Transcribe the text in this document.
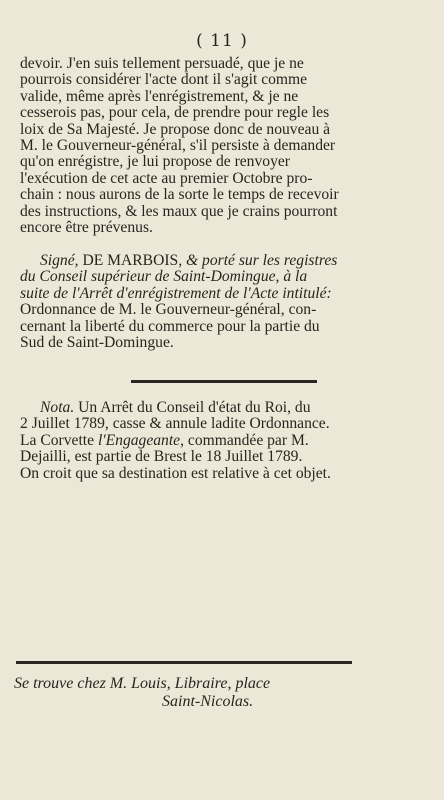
( 11 )
devoir. J'en suis tellement persuadé, que je ne
pourrois considérer l'acte dont il s'agit comme
valide, même après l'enrégistrement, & je ne
cesserois pas, pour cela, de prendre pour regle les
loix de Sa Majesté. Je propose donc de nouveau à
M. le Gouverneur-général, s'il persiste à demander
qu'on enrégistre, je lui propose de renvoyer
l'exécution de cet acte au premier Octobre pro-
chain : nous aurons de la sorte le temps de recevoir
des instructions, & les maux que je crains pourront
encore être prévenus.
Signé, DE MARBOIS, & porté sur les registres
du Conseil supérieur de Saint-Domingue, à la
suite de l'Arrêt d'enrégistrement de l'Acte intitulé:
Ordonnance de M. le Gouverneur-général, con-
cernant la liberté du commerce pour la partie du
Sud de Saint-Domingue.
Nota. Un Arrêt du Conseil d'état du Roi, du
2 Juillet 1789, casse & annule ladite Ordonnance.
La Corvette l'Engageante, commandée par M.
Dejailli, est partie de Brest le 18 Juillet 1789.
On croit que sa destination est relative à cet objet.
Se trouve chez M. Louis, Libraire, place
Saint-Nicolas.
